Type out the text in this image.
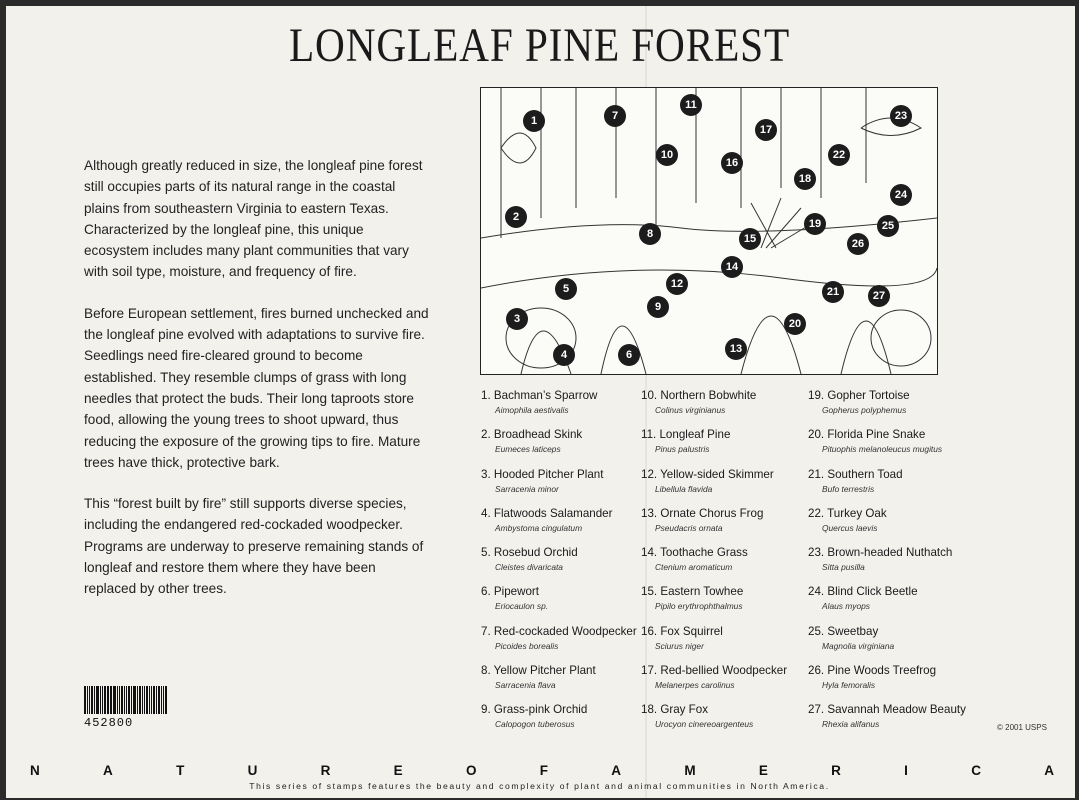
LONGLEAF PINE FOREST

Although greatly reduced in size, the longleaf pine forest still occupies parts of its natural range in the coastal plains from southeastern Virginia to eastern Texas. Characterized by the longleaf pine, this unique ecosystem includes many plant communities that vary with soil type, moisture, and frequency of fire.

Before European settlement, fires burned unchecked and the longleaf pine evolved with adaptations to survive fire. Seedlings need fire-cleared ground to become established. They resemble clumps of grass with long needles that protect the buds. Their long taproots store food, allowing the young trees to shoot upward, thus reducing the exposure of the growing tips to fire. Mature trees have thick, protective bark.

This “forest built by fire” still supports diverse species, including the endangered red-cockaded woodpecker. Programs are underway to preserve remaining stands of longleaf and restore them where they have been replaced by other trees.

452800
1
2
3
4
5
6
7
8
9
10
11
12
13
14
15
16
17
18
19
20
21
22
23
24
25
26
27
1. Bachman’s Sparrow
Aimophila aestivalis
2. Broadhead Skink
Eumeces laticeps
3. Hooded Pitcher Plant
Sarracenia minor
4. Flatwoods Salamander
Ambystoma cingulatum
5. Rosebud Orchid
Cleistes divaricata
6. Pipewort
Eriocaulon sp.
7. Red-cockaded Woodpecker
Picoides borealis
8. Yellow Pitcher Plant
Sarracenia flava
9. Grass-pink Orchid
Calopogon tuberosus
10. Northern Bobwhite
Colinus virginianus
11. Longleaf Pine
Pinus palustris
12. Yellow-sided Skimmer
Libellula flavida
13. Ornate Chorus Frog
Pseudacris ornata
14. Toothache Grass
Ctenium aromaticum
15. Eastern Towhee
Pipilo erythrophthalmus
16. Fox Squirrel
Sciurus niger
17. Red-bellied Woodpecker
Melanerpes carolinus
18. Gray Fox
Urocyon cinereoargenteus
19. Gopher Tortoise
Gopherus polyphemus
20. Florida Pine Snake
Pituophis melanoleucus mugitus
21. Southern Toad
Bufo terrestris
22. Turkey Oak
Quercus laevis
23. Brown-headed Nuthatch
Sitta pusilla
24. Blind Click Beetle
Alaus myops
25. Sweetbay
Magnolia virginiana
26. Pine Woods Treefrog
Hyla femoralis
27. Savannah Meadow Beauty
Rhexia alifanus	© 2001 USPS
N	A	T	U	R	E	O	F	A	M	E	R	I	C	A
This series of stamps features the beauty and complexity of plant and animal communities in North America.
